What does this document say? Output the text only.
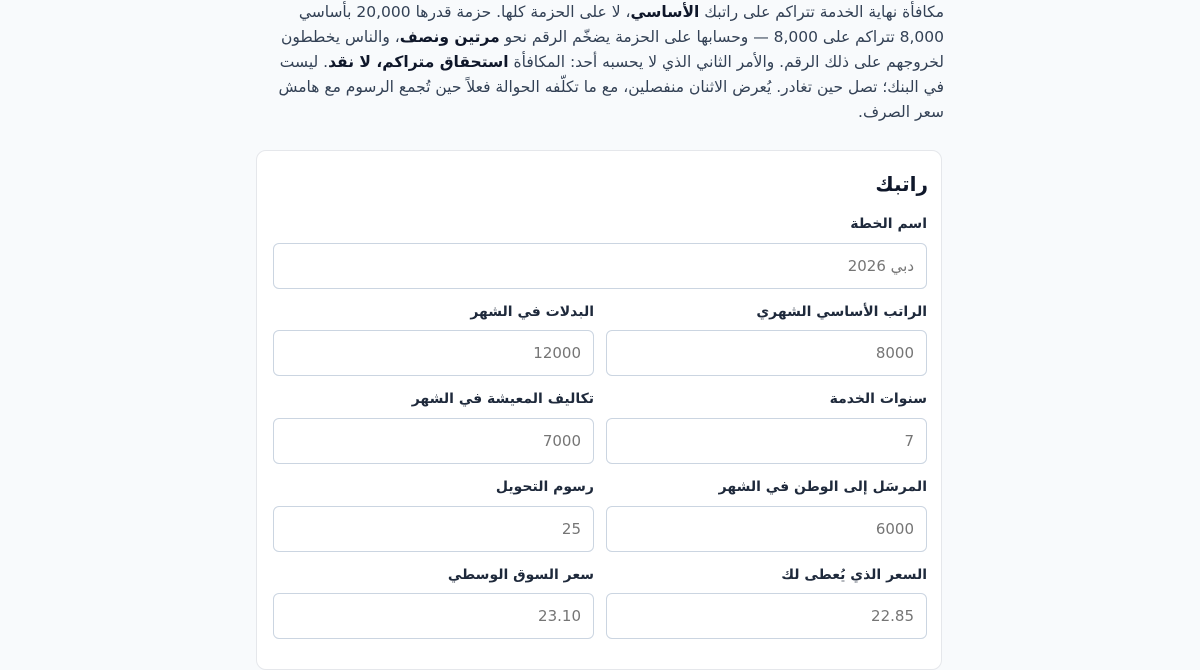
مكافأة نهاية الخدمة تتراكم على راتبك الأساسي، لا على الحزمة كلها. حزمة قدرها 20,000 بأساسي 8,000 تتراكم على 8,000 — وحسابها على الحزمة يضخّم الرقم نحو مرتين ونصف، والناس يخططون لخروجهم على ذلك الرقم. والأمر الثاني الذي لا يحسبه أحد: المكافأة استحقاق متراكم، لا نقد. ليست في البنك؛ تصل حين تغادر. يُعرض الاثنان منفصلين، مع ما تكلّفه الحوالة فعلاً حين تُجمع الرسوم مع هامش سعر الصرف.

راتبك
اسم الخطة
دبي 2026
الراتب الأساسي الشهري
8000
البدلات في الشهر
12000
سنوات الخدمة
7
تكاليف المعيشة في الشهر
7000
المرسَل إلى الوطن في الشهر
6000
رسوم التحويل
25
السعر الذي يُعطى لك
22.85
سعر السوق الوسطي
23.10
